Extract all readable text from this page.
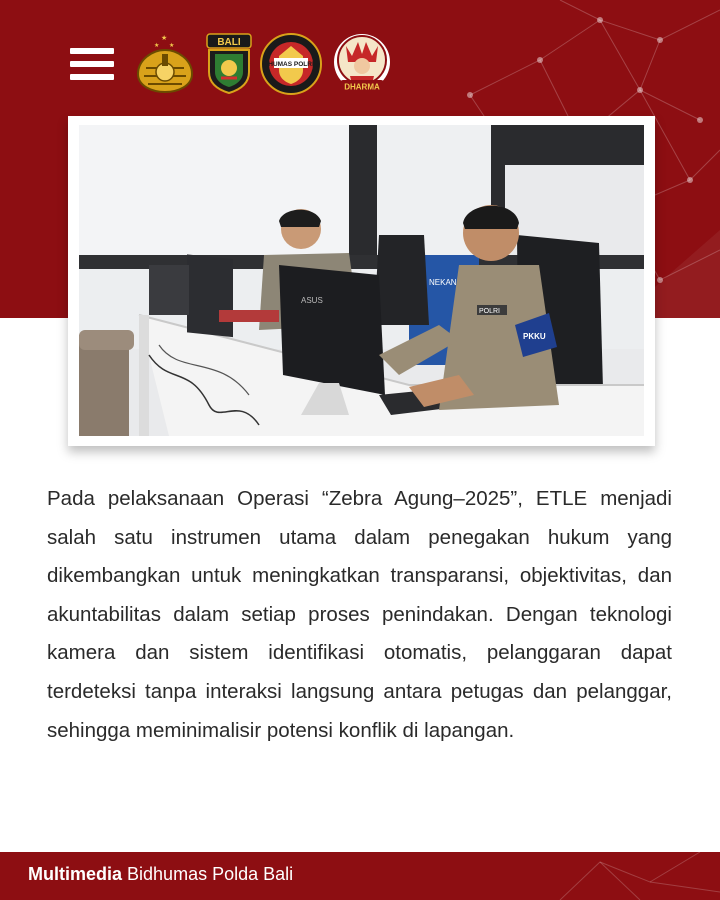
★
★ ★	BALI
HUMAS POLRI
DHARMA
NEKAN
ASUS
POLRI
PKKU

Pada pelaksanaan Operasi “Zebra Agung–2025”, ETLE menjadi salah satu instrumen utama dalam penegakan hukum yang dikembangkan untuk meningkatkan transparansi, objektivitas, dan akuntabilitas dalam setiap proses penindakan. Dengan teknologi kamera dan sistem identifikasi otomatis, pelanggaran dapat terdeteksi tanpa interaksi langsung antara petugas dan pelanggar, sehingga meminimalisir potensi konflik di lapangan.

Multimedia Bidhumas Polda Bali
